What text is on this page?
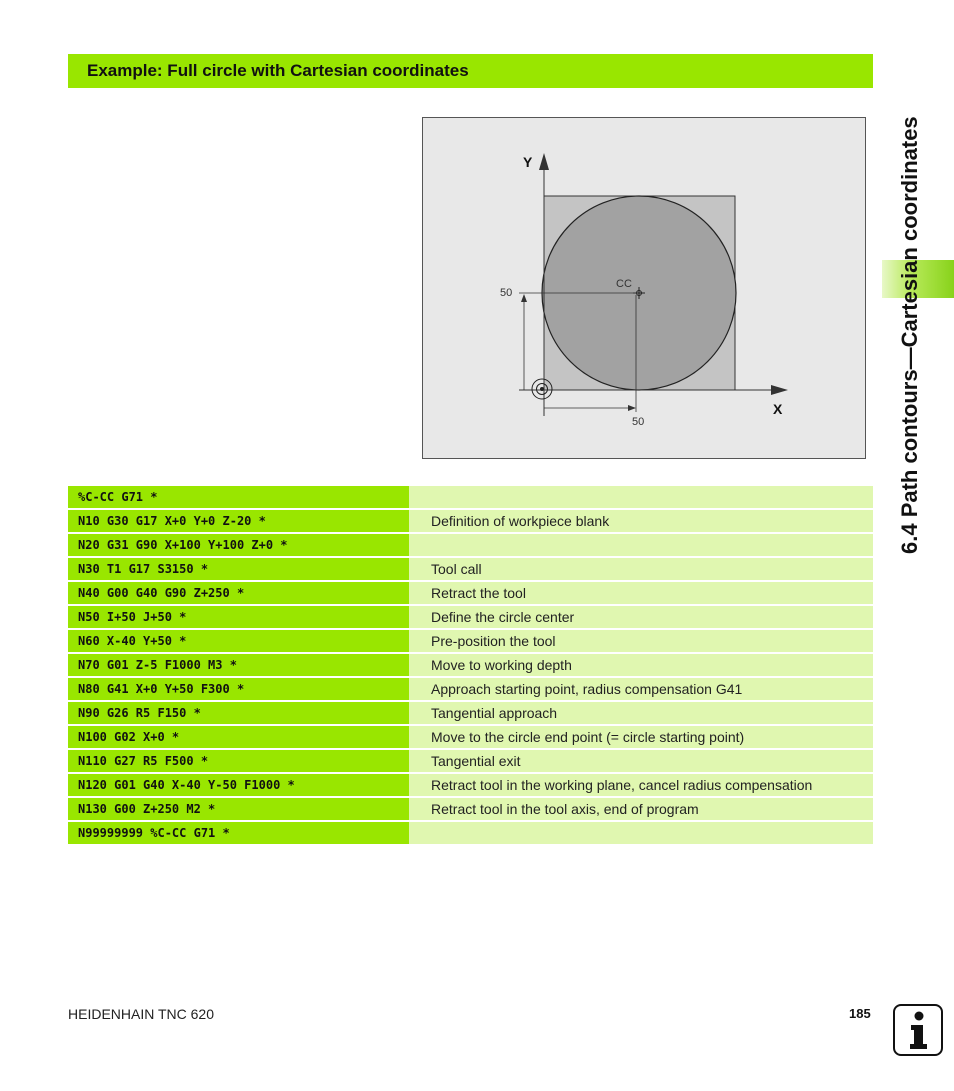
Example: Full circle with Cartesian coordinates
Y
X
CC
50
50
%C-CC G71 *
N10 G30 G17 X+0 Y+0 Z-20 *	Definition of workpiece blank
N20 G31 G90 X+100 Y+100 Z+0 *
N30 T1 G17 S3150 *	Tool call
N40 G00 G40 G90 Z+250 *	Retract the tool
N50 I+50 J+50 *	Define the circle center
N60 X-40 Y+50 *	Pre-position the tool
N70 G01 Z-5 F1000 M3 *	Move to working depth
N80 G41 X+0 Y+50 F300 *	Approach starting point, radius compensation G41
N90 G26 R5 F150 *	Tangential approach
N100 G02 X+0 *	Move to the circle end point (= circle starting point)
N110 G27 R5 F500 *	Tangential exit
N120 G01 G40 X-40 Y-50 F1000 *	Retract tool in the working plane, cancel radius compensation
N130 G00 Z+250 M2 *	Retract tool in the tool axis, end of program
N99999999 %C-CC G71 *
6.4 Path contours—Cartesian coordinates
HEIDENHAIN TNC 620	185
